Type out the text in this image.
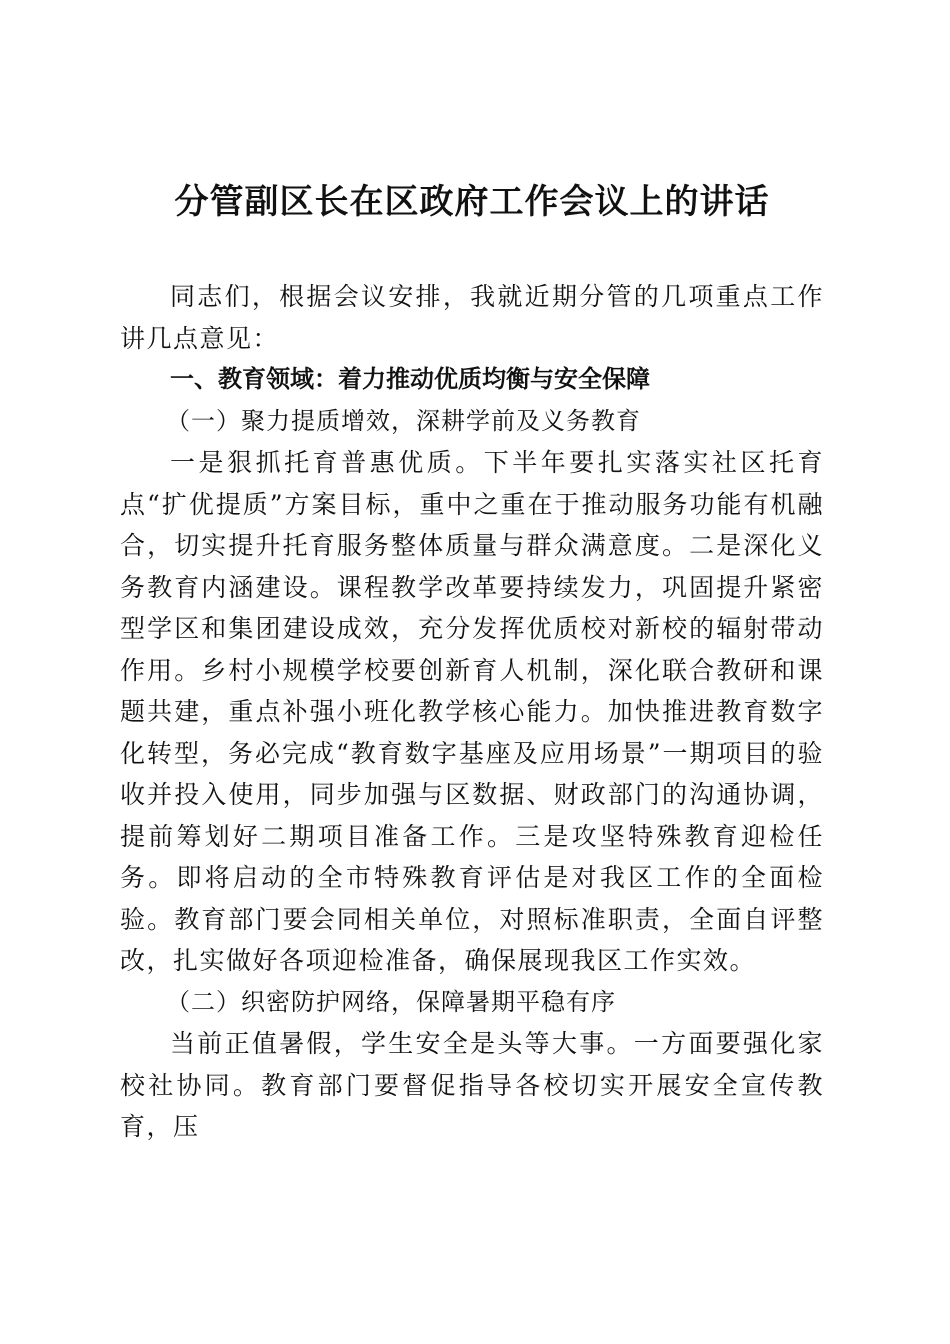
分管副区长在区政府工作会议上的讲话

同志们，根据会议安排，我就近期分管的几项重点工作讲几点意见：

一、教育领域：着力推动优质均衡与安全保障

（一）聚力提质增效，深耕学前及义务教育

一是狠抓托育普惠优质。下半年要扎实落实社区托育点“扩优提质”方案目标，重中之重在于推动服务功能有机融合，切实提升托育服务整体质量与群众满意度。二是深化义务教育内涵建设。课程教学改革要持续发力，巩固提升紧密型学区和集团建设成效，充分发挥优质校对新校的辐射带动作用。乡村小规模学校要创新育人机制，深化联合教研和课题共建，重点补强小班化教学核心能力。加快推进教育数字化转型，务必完成“教育数字基座及应用场景”一期项目的验收并投入使用，同步加强与区数据、财政部门的沟通协调，提前筹划好二期项目准备工作。三是攻坚特殊教育迎检任务。即将启动的全市特殊教育评估是对我区工作的全面检验。教育部门要会同相关单位，对照标准职责，全面自评整改，扎实做好各项迎检准备，确保展现我区工作实效。

（二）织密防护网络，保障暑期平稳有序

当前正值暑假，学生安全是头等大事。一方面要强化家校社协同。教育部门要督促指导各校切实开展安全宣传教育，压
